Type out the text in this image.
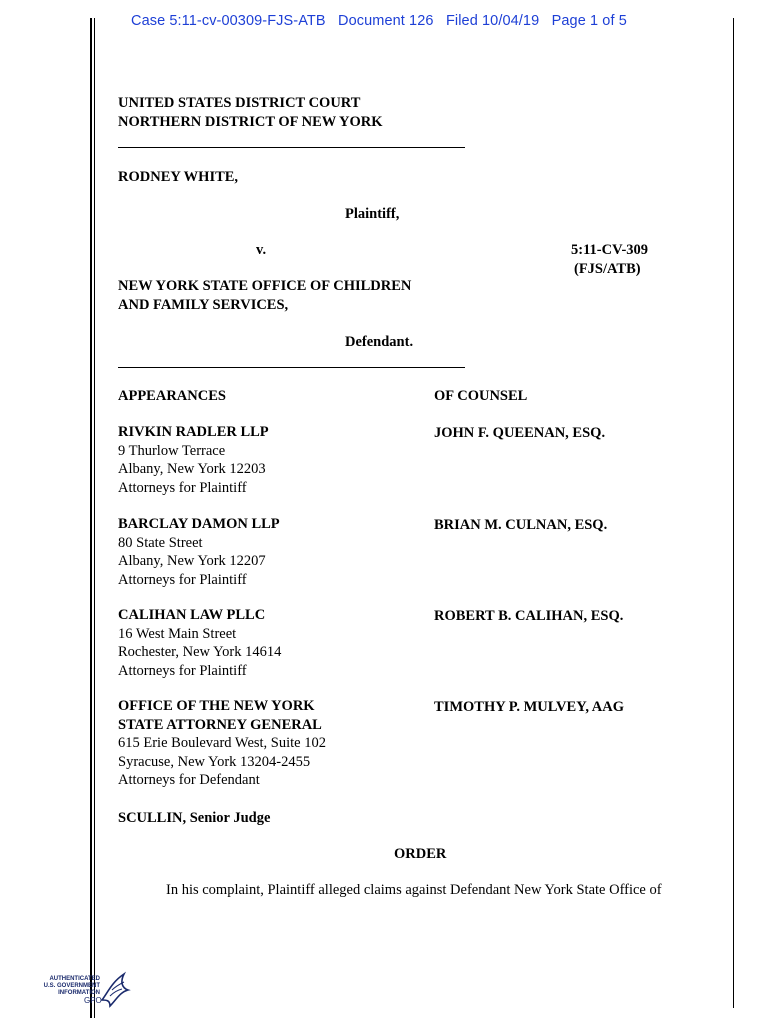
Case 5:11-cv-00309-FJS-ATB   Document 126   Filed 10/04/19   Page 1 of 5
UNITED STATES DISTRICT COURT
NORTHERN DISTRICT OF NEW YORK
RODNEY WHITE,
Plaintiff,
v.	5:11-CV-309
(FJS/ATB)
NEW YORK STATE OFFICE OF CHILDREN
AND FAMILY SERVICES,
Defendant.
APPEARANCES	OF COUNSEL
RIVKIN RADLER LLP
9 Thurlow Terrace
Albany, New York 12203
Attorneys for Plaintiff
JOHN F. QUEENAN, ESQ.
BARCLAY DAMON LLP
80 State Street
Albany, New York 12207
Attorneys for Plaintiff
BRIAN M. CULNAN, ESQ.
CALIHAN LAW PLLC
16 West Main Street
Rochester, New York 14614
Attorneys for Plaintiff
ROBERT B. CALIHAN, ESQ.
OFFICE OF THE NEW YORK
STATE ATTORNEY GENERAL
615 Erie Boulevard West, Suite 102
Syracuse, New York 13204-2455
Attorneys for Defendant
TIMOTHY P. MULVEY, AAG
SCULLIN, Senior Judge
ORDER
In his complaint, Plaintiff alleged claims against Defendant New York State Office of
AUTHENTICATED
U.S. GOVERNMENT
INFORMATION
GPO
